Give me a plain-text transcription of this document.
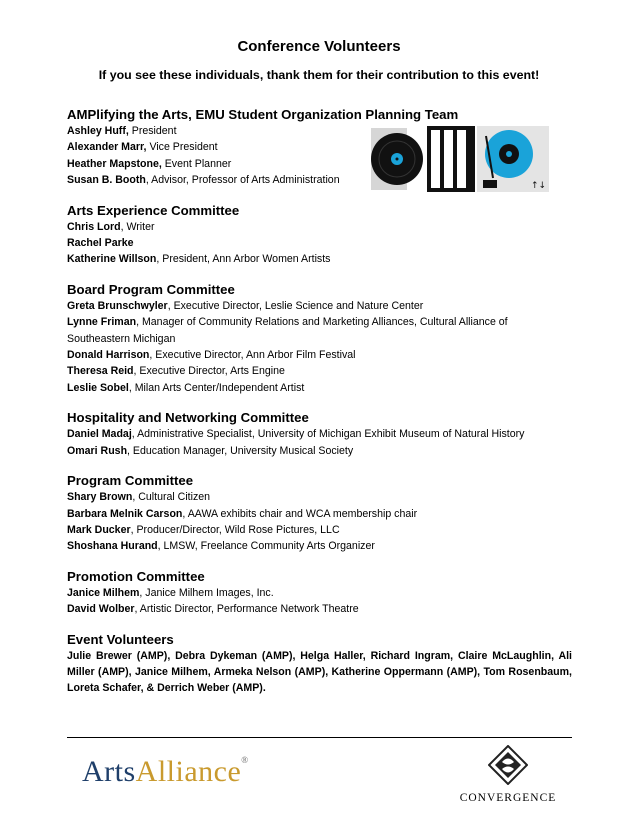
Conference Volunteers
If you see these individuals, thank them for their contribution to this event!
↑↓
AMPlifying the Arts, EMU Student Organization Planning Team
Ashley Huff, President
Alexander Marr, Vice President
Heather Mapstone, Event Planner
Susan B. Booth, Advisor, Professor of Arts Administration
Arts Experience Committee
Chris Lord, Writer
Rachel Parke
Katherine Willson, President, Ann Arbor Women Artists
Board Program Committee
Greta Brunschwyler, Executive Director, Leslie Science and Nature Center
Lynne Friman, Manager of Community Relations and Marketing Alliances, Cultural Alliance of Southeastern Michigan
Donald Harrison, Executive Director, Ann Arbor Film Festival
Theresa Reid, Executive Director, Arts Engine
Leslie Sobel, Milan Arts Center/Independent Artist
Hospitality and Networking Committee
Daniel Madaj, Administrative Specialist, University of Michigan Exhibit Museum of Natural History
Omari Rush, Education Manager, University Musical Society
Program Committee
Shary Brown, Cultural Citizen
Barbara Melnik Carson, AAWA exhibits chair and WCA membership chair
Mark Ducker, Producer/Director, Wild Rose Pictures, LLC
Shoshana Hurand, LMSW, Freelance Community Arts Organizer
Promotion Committee
Janice Milhem, Janice Milhem Images, Inc.
David Wolber, Artistic Director, Performance Network Theatre
Event Volunteers
Julie Brewer (AMP), Debra Dykeman (AMP), Helga Haller, Richard Ingram, Claire McLaughlin, Ali Miller (AMP), Janice Milhem, Armeka Nelson (AMP), Katherine Oppermann (AMP), Tom Rosenbaum, Loreta Schafer, & Derrich Weber (AMP).
ArtsAlliance®
CONVERGENCE
